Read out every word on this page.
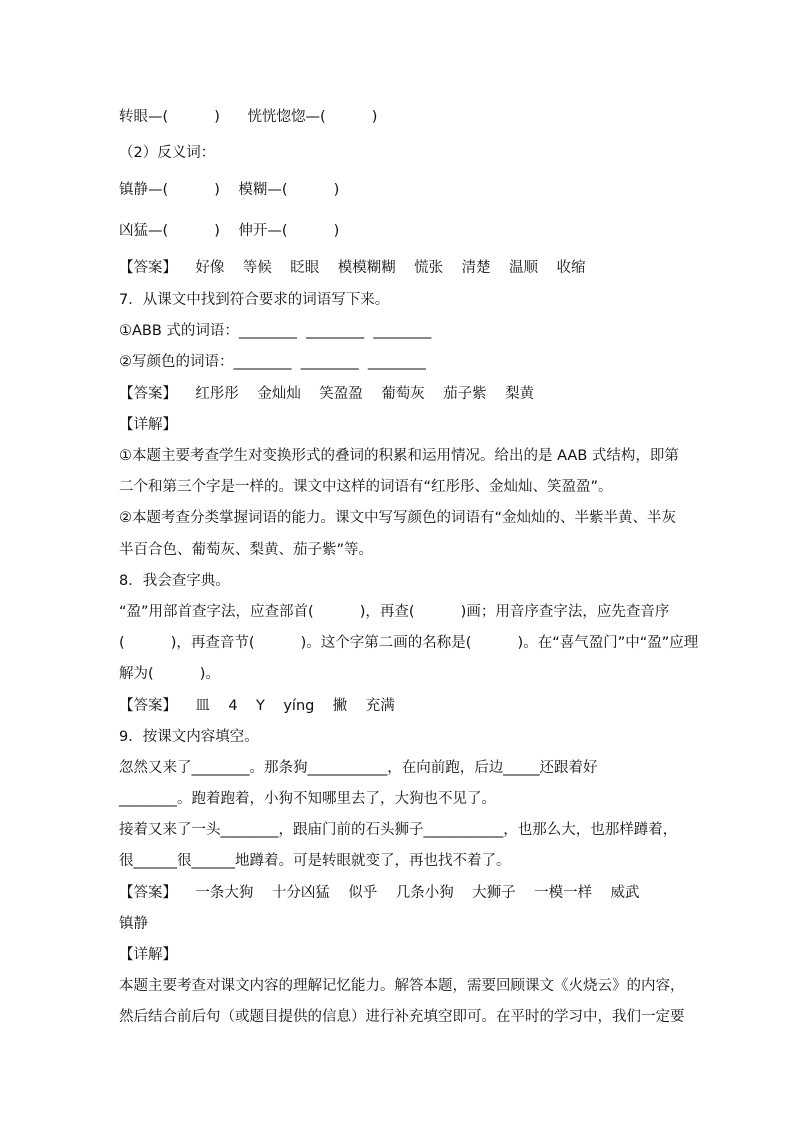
转眼—(          )      恍恍惚惚—(          )
（2）反义词：
镇静—(          )    模糊—(          )
凶猛—(          )    伸开—(          )
【答案】    好像    等候    眨眼    模模糊糊    慌张    清楚    温顺    收缩
7．从课文中找到符合要求的词语写下来。
①ABB 式的词语：________  ________  ________
②写颜色的词语：________  ________  ________
【答案】    红彤彤    金灿灿    笑盈盈    葡萄灰    茄子紫    梨黄
【详解】
①本题主要考查学生对变换形式的叠词的积累和运用情况。给出的是 AAB 式结构，即第
二个和第三个字是一样的。课文中这样的词语有“红彤彤、金灿灿、笑盈盈”。
②本题考查分类掌握词语的能力。课文中写写颜色的词语有“金灿灿的、半紫半黄、半灰
半百合色、葡萄灰、梨黄、茄子紫”等。
8．我会查字典。
“盈”用部首查字法，应查部首(          )，再查(          )画；用音序查字法，应先查音序
(          )，再查音节(          )。这个字第二画的名称是(          )。在“喜气盈门”中“盈”应理
解为(          )。
【答案】    皿    4    Y    yíng    撇    充满
9．按课文内容填空。
忽然又来了________。那条狗___________，在向前跑，后边_____还跟着好
________。跑着跑着，小狗不知哪里去了，大狗也不见了。
接着又来了一头________，跟庙门前的石头狮子___________，也那么大，也那样蹲着，
很______很______地蹲着。可是转眼就变了，再也找不着了。
【答案】    一条大狗    十分凶猛    似乎    几条小狗    大狮子    一模一样    威武
镇静
【详解】
本题主要考查对课文内容的理解记忆能力。解答本题，需要回顾课文《火烧云》的内容，
然后结合前后句（或题目提供的信息）进行补充填空即可。在平时的学习中，我们一定要
